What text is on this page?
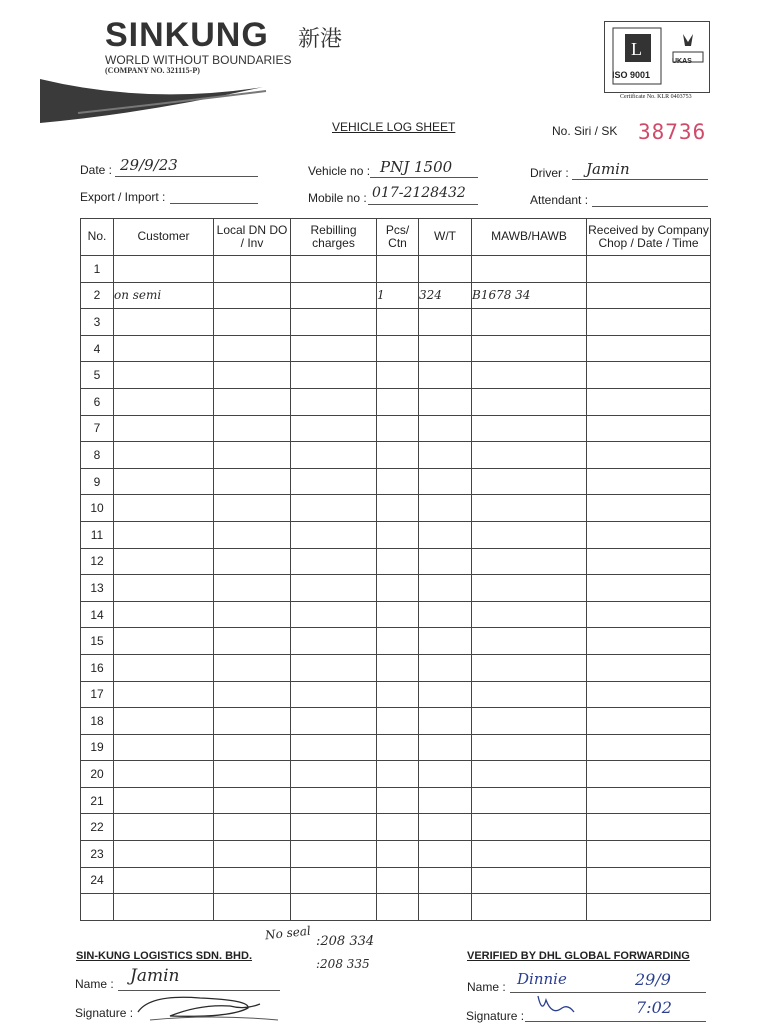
SINKUNG 新港
WORLD WITHOUT BOUNDARIES
(COMPANY NO. 321115-P)
L
ISO 9001
UKAS
Certificate No. KLR 0403753
VEHICLE LOG SHEET	No. Siri / SK 38736
Date : 29/9/23	Vehicle no : PNJ 1500	Driver : Jamin
Export / Import :	Mobile no : 017-2128432	Attendant :
No.	Customer	Local DN DO / Inv	Rebilling charges	Pcs/ Ctn	W/T	MAWB/HAWB	Received by Company Chop / Date / Time
1							
2	on semi			1	324	B1678 34	
3							
4							
5							
6							
7							
8							
9							
10							
11							
12							
13							
14							
15							
16							
17							
18							
19							
20							
21							
22							
23							
24							

No seal :208 334
:208 335
SIN-KUNG LOGISTICS SDN. BHD.
Name : Jamin
Signature :
VERIFIED BY DHL GLOBAL FORWARDING
Name : Dinnie	29/9
Signature :	7:02
